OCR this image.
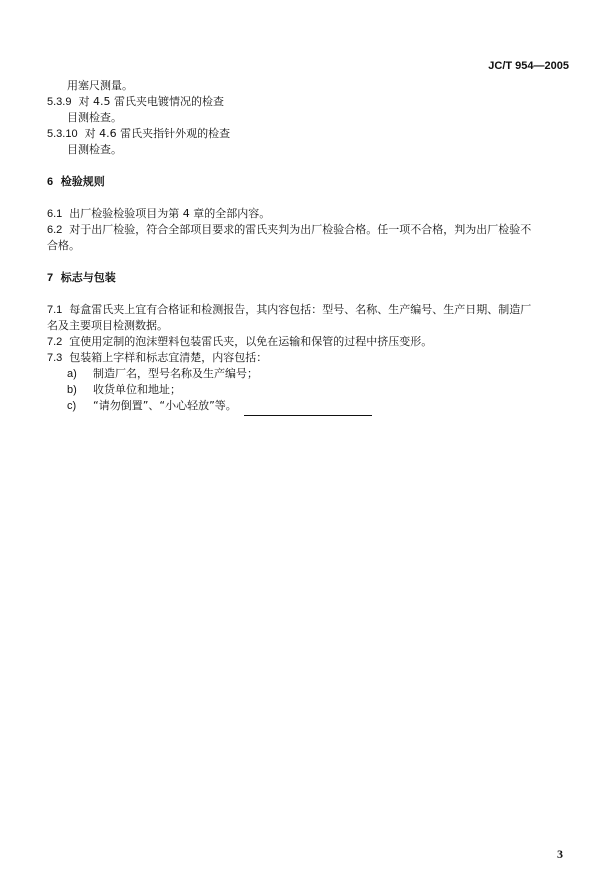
JC/T 954—2005
用塞尺测量。
5.3.9 对 4.5 雷氏夹电镀情况的检查
目测检查。
5.3.10 对 4.6 雷氏夹指针外观的检查
目测检查。
6 检验规则
6.1 出厂检验检验项目为第 4 章的全部内容。
6.2 对于出厂检验，符合全部项目要求的雷氏夹判为出厂检验合格。任一项不合格，判为出厂检验不
合格。
7 标志与包装
7.1 每盒雷氏夹上宜有合格证和检测报告，其内容包括：型号、名称、生产编号、生产日期、制造厂
名及主要项目检测数据。
7.2 宜使用定制的泡沫塑料包装雷氏夹，以免在运输和保管的过程中挤压变形。
7.3 包装箱上字样和标志宜清楚，内容包括：
a)	制造厂名，型号名称及生产编号；
b)	收货单位和地址；
c)	“请勿倒置”、“小心轻放”等。
3
